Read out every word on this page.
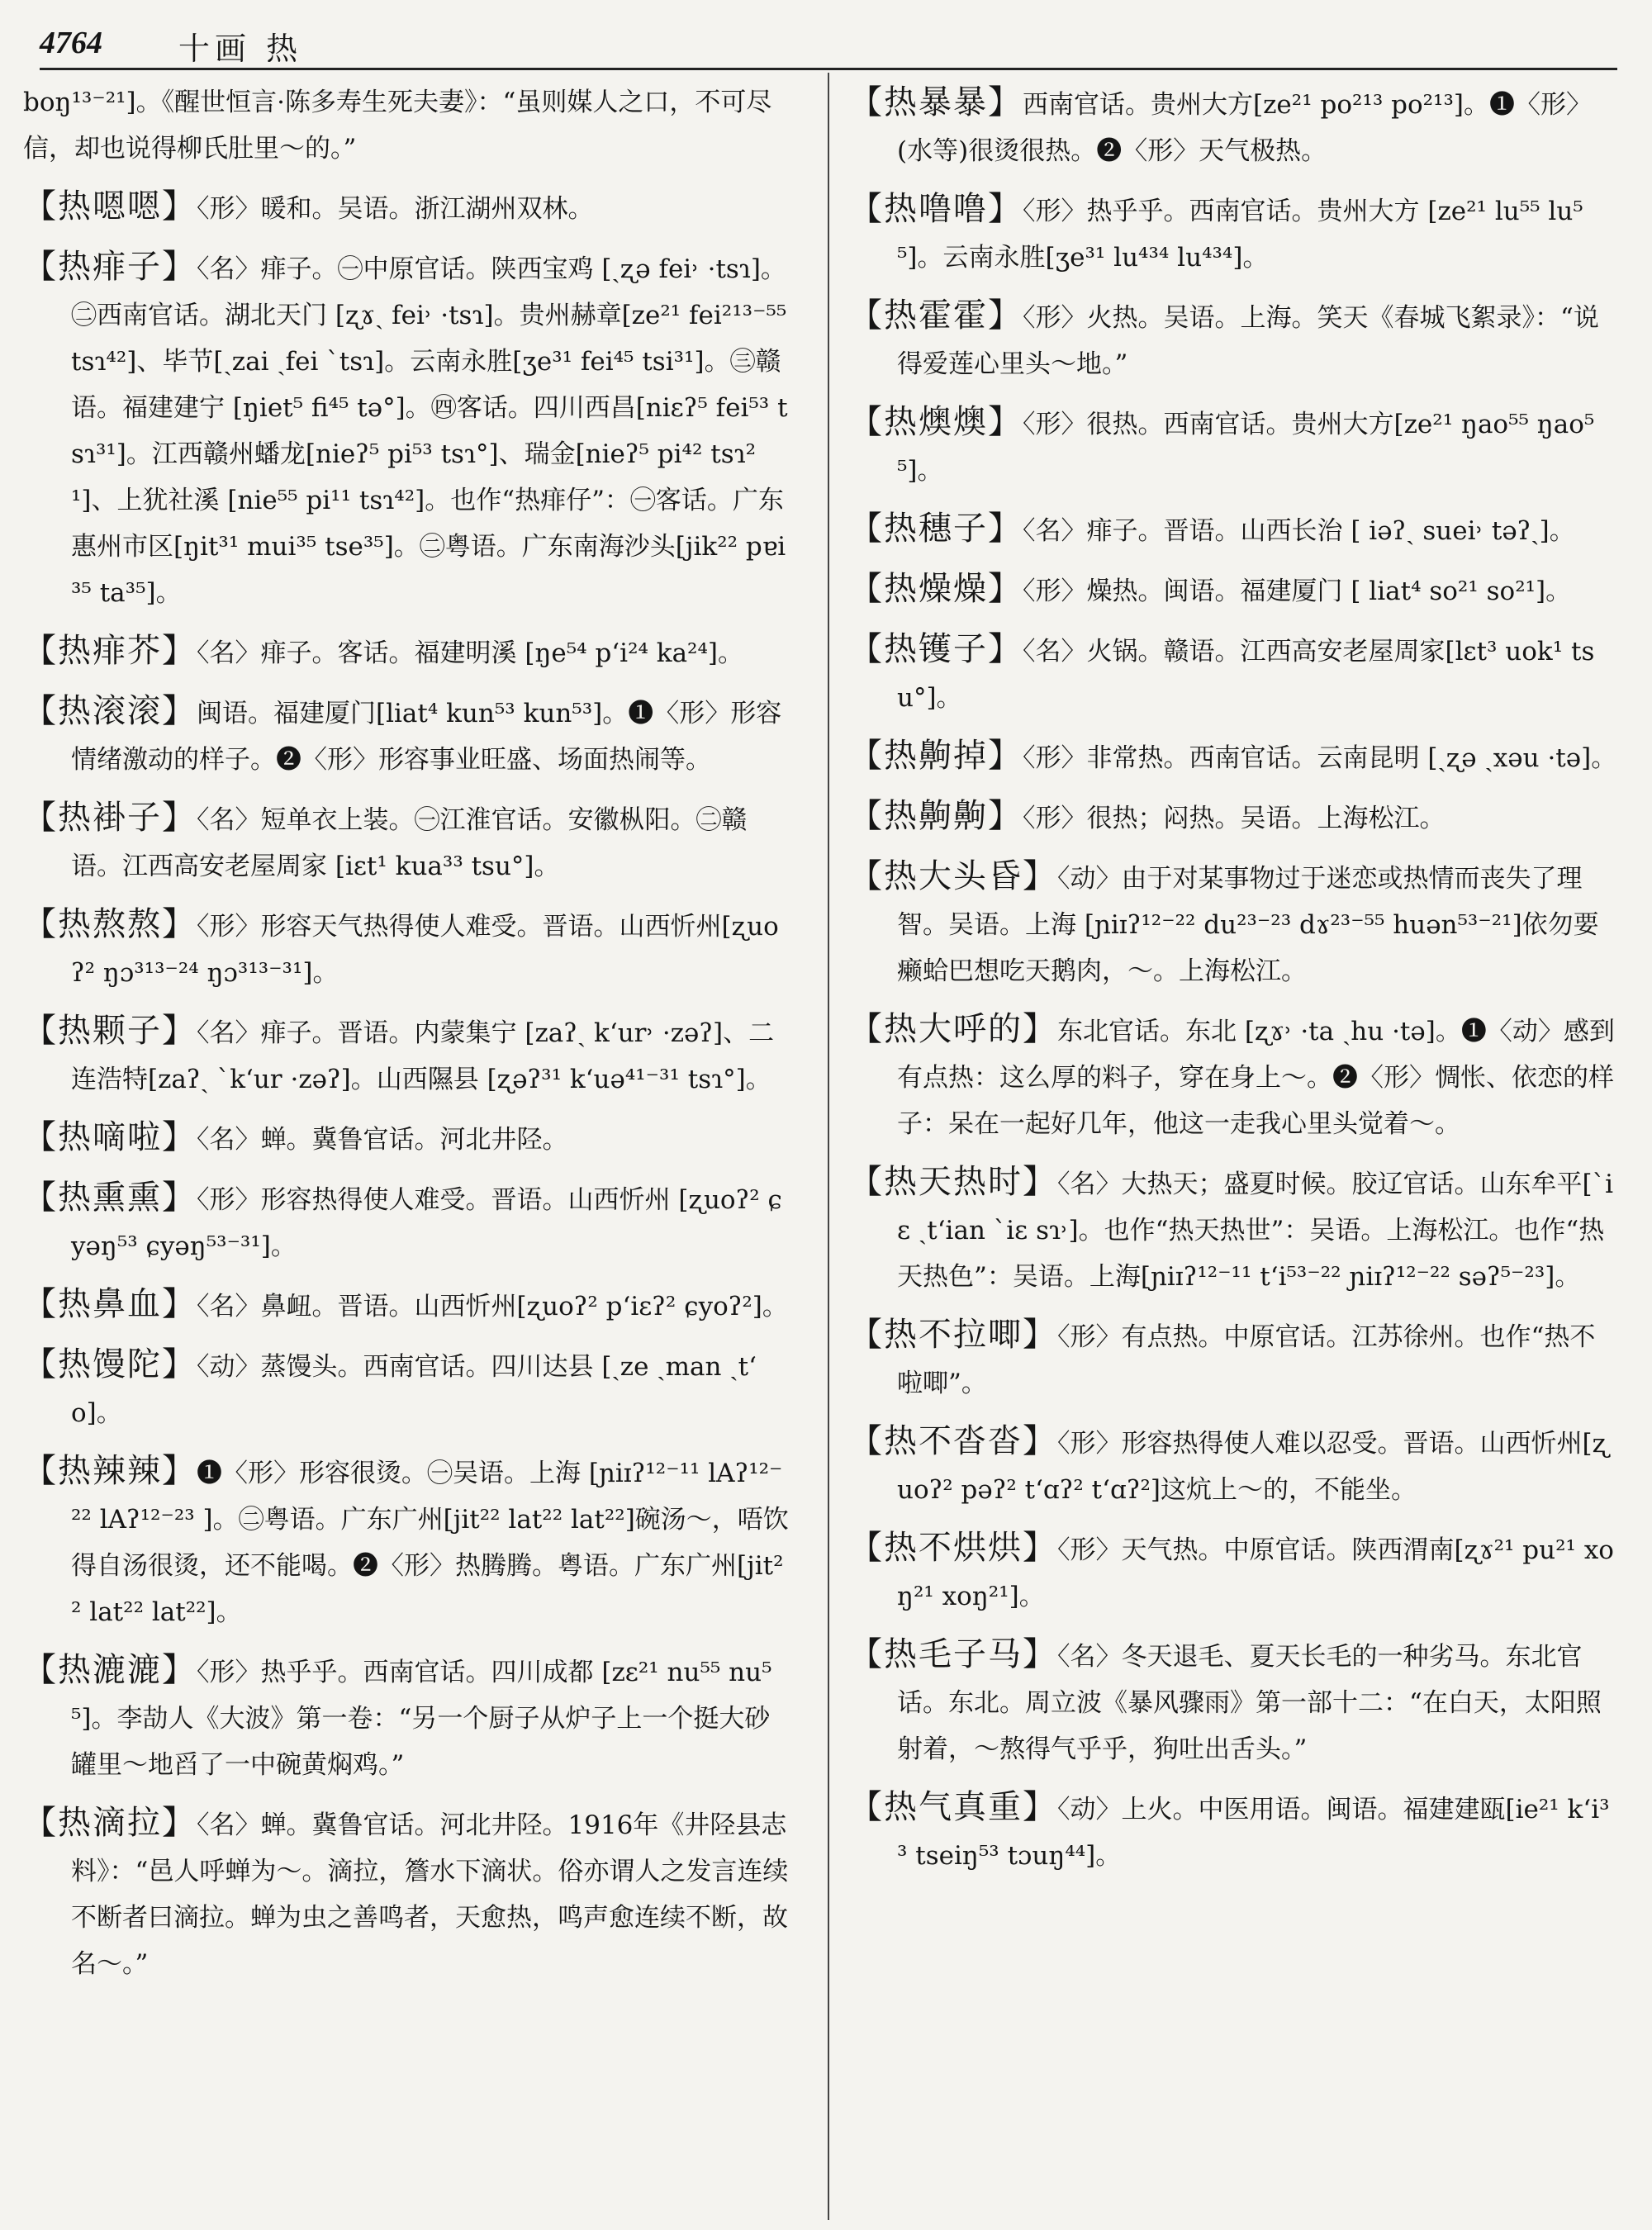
4764 十画 热

boŋ¹³⁻²¹]。《醒世恒言·陈多寿生死夫妻》：“虽则媒人之口，不可尽信，却也说得柳氏肚里～的。”

【热嗯嗯】〈形〉暖和。吴语。浙江湖州双林。

【热痱子】〈名〉痱子。㊀中原官话。陕西宝鸡 [ˏʐə fei˒ ·tsɿ]。㊁西南官话。湖北天门 [ʐɤˏ fei˒ ·tsɿ]。贵州赫章[ze²¹ fei²¹³⁻⁵⁵ tsɿ⁴²]、毕节[ˏzai ˏfei ˋtsɿ]。云南永胜[ʒe³¹ fei⁴⁵ tsi³¹]。㊂赣语。福建建宁 [ŋiet⁵ fi⁴⁵ tə°]。㊃客话。四川西昌[niɛʔ⁵ fei⁵³ tsɿ³¹]。江西赣州蟠龙[nieʔ⁵ pi⁵³ tsɿ°]、瑞金[nieʔ⁵ pi⁴² tsɿ²¹]、上犹社溪 [nie⁵⁵ pi¹¹ tsɿ⁴²]。也作“热痱仔”：㊀客话。广东惠州市区[ŋit³¹ mui³⁵ tse³⁵]。㊁粤语。广东南海沙头[jik²² pɐi³⁵ ta³⁵]。

【热痱芥】〈名〉痱子。客话。福建明溪 [ŋe⁵⁴ pʻi²⁴ ka²⁴]。

【热滚滚】闽语。福建厦门[liat⁴ kun⁵³ kun⁵³]。❶〈形〉形容情绪激动的样子。❷〈形〉形容事业旺盛、场面热闹等。

【热褂子】〈名〉短单衣上装。㊀江淮官话。安徽枞阳。㊁赣语。江西高安老屋周家 [iɛt¹ kua³³ tsu°]。

【热熬熬】〈形〉形容天气热得使人难受。晋语。山西忻州[ʐuoʔ² ŋɔ³¹³⁻²⁴ ŋɔ³¹³⁻³¹]。

【热颗子】〈名〉痱子。晋语。内蒙集宁 [zaʔˏ kʻur˒ ·zəʔ]、二连浩特[zaʔˏ ˋkʻur ·zəʔ]。山西隰县 [ʐəʔ³¹ kʻuə⁴¹⁻³¹ tsɿ°]。

【热嘀啦】〈名〉蝉。冀鲁官话。河北井陉。

【热熏熏】〈形〉形容热得使人难受。晋语。山西忻州 [ʐuoʔ² ɕyəŋ⁵³ ɕyəŋ⁵³⁻³¹]。

【热鼻血】〈名〉鼻衄。晋语。山西忻州[ʐuoʔ² pʻiɛʔ² ɕyoʔ²]。

【热馒陀】〈动〉蒸馒头。西南官话。四川达县 [ˏze ˏman ˏtʻo]。

【热辣辣】❶〈形〉形容很烫。㊀吴语。上海 [ɲiɪʔ¹²⁻¹¹ lAʔ¹²⁻²² lAʔ¹²⁻²³ ]。㊁粤语。广东广州[jit²² lat²² lat²²]碗汤～，唔饮得自汤很烫，还不能喝。❷〈形〉热腾腾。粤语。广东广州[jit²² lat²² lat²²]。

【热漉漉】〈形〉热乎乎。西南官话。四川成都 [zɛ²¹ nu⁵⁵ nu⁵⁵]。李劼人《大波》第一卷：“另一个厨子从炉子上一个挺大砂罐里～地舀了一中碗黄焖鸡。”

【热滴拉】〈名〉蝉。冀鲁官话。河北井陉。1916年《井陉县志料》：“邑人呼蝉为～。滴拉，簷水下滴状。俗亦谓人之发言连续不断者曰滴拉。蝉为虫之善鸣者，天愈热，鸣声愈连续不断，故名～。”

【热暴暴】西南官话。贵州大方[ze²¹ po²¹³ po²¹³]。❶〈形〉(水等)很烫很热。❷〈形〉天气极热。

【热噜噜】〈形〉热乎乎。西南官话。贵州大方 [ze²¹ lu⁵⁵ lu⁵⁵]。云南永胜[ʒe³¹ lu⁴³⁴ lu⁴³⁴]。

【热霍霍】〈形〉火热。吴语。上海。笑天《春城飞絮录》：“说得爱莲心里头～地。”

【热燠燠】〈形〉很热。西南官话。贵州大方[ze²¹ ŋao⁵⁵ ŋao⁵⁵]。

【热穗子】〈名〉痱子。晋语。山西长治 [ iəʔˏ suei˒ təʔˏ]。

【热燥燥】〈形〉燥热。闽语。福建厦门 [ liat⁴ so²¹ so²¹]。

【热镬子】〈名〉火锅。赣语。江西高安老屋周家[lɛt³ uok¹ tsu°]。

【热齁掉】〈形〉非常热。西南官话。云南昆明 [ˏʐə ˏxəu ·tə]。

【热齁齁】〈形〉很热；闷热。吴语。上海松江。

【热大头昏】〈动〉由于对某事物过于迷恋或热情而丧失了理智。吴语。上海 [ɲiɪʔ¹²⁻²² du²³⁻²³ dɤ²³⁻⁵⁵ huən⁵³⁻²¹]依勿要癞蛤巴想吃天鹅肉，～。上海松江。

【热大呼的】东北官话。东北 [ʐɤ˒ ·ta ˏhu ·tə]。❶〈动〉感到有点热：这么厚的料子，穿在身上～。❷〈形〉惆怅、依恋的样子：呆在一起好几年，他这一走我心里头觉着～。

【热天热时】〈名〉大热天；盛夏时候。胶辽官话。山东牟平[ˋiɛ ˏtʻian ˋiɛ sɿ˒]。也作“热天热世”：吴语。上海松江。也作“热天热色”：吴语。上海[ɲiɪʔ¹²⁻¹¹ tʻi⁵³⁻²² ɲiɪʔ¹²⁻²² səʔ⁵⁻²³]。

【热不拉唧】〈形〉有点热。中原官话。江苏徐州。也作“热不啦唧”。

【热不沓沓】〈形〉形容热得使人难以忍受。晋语。山西忻州[ʐuoʔ² pəʔ² tʻɑʔ² tʻɑʔ²]这炕上～的，不能坐。

【热不烘烘】〈形〉天气热。中原官话。陕西渭南[ʐɤ²¹ pu²¹ xoŋ²¹ xoŋ²¹]。

【热毛子马】〈名〉冬天退毛、夏天长毛的一种劣马。东北官话。东北。周立波《暴风骤雨》第一部十二：“在白天，太阳照射着，～熬得气乎乎，狗吐出舌头。”

【热气真重】〈动〉上火。中医用语。闽语。福建建瓯[ie²¹ kʻi³³ tseiŋ⁵³ tɔuŋ⁴⁴]。
